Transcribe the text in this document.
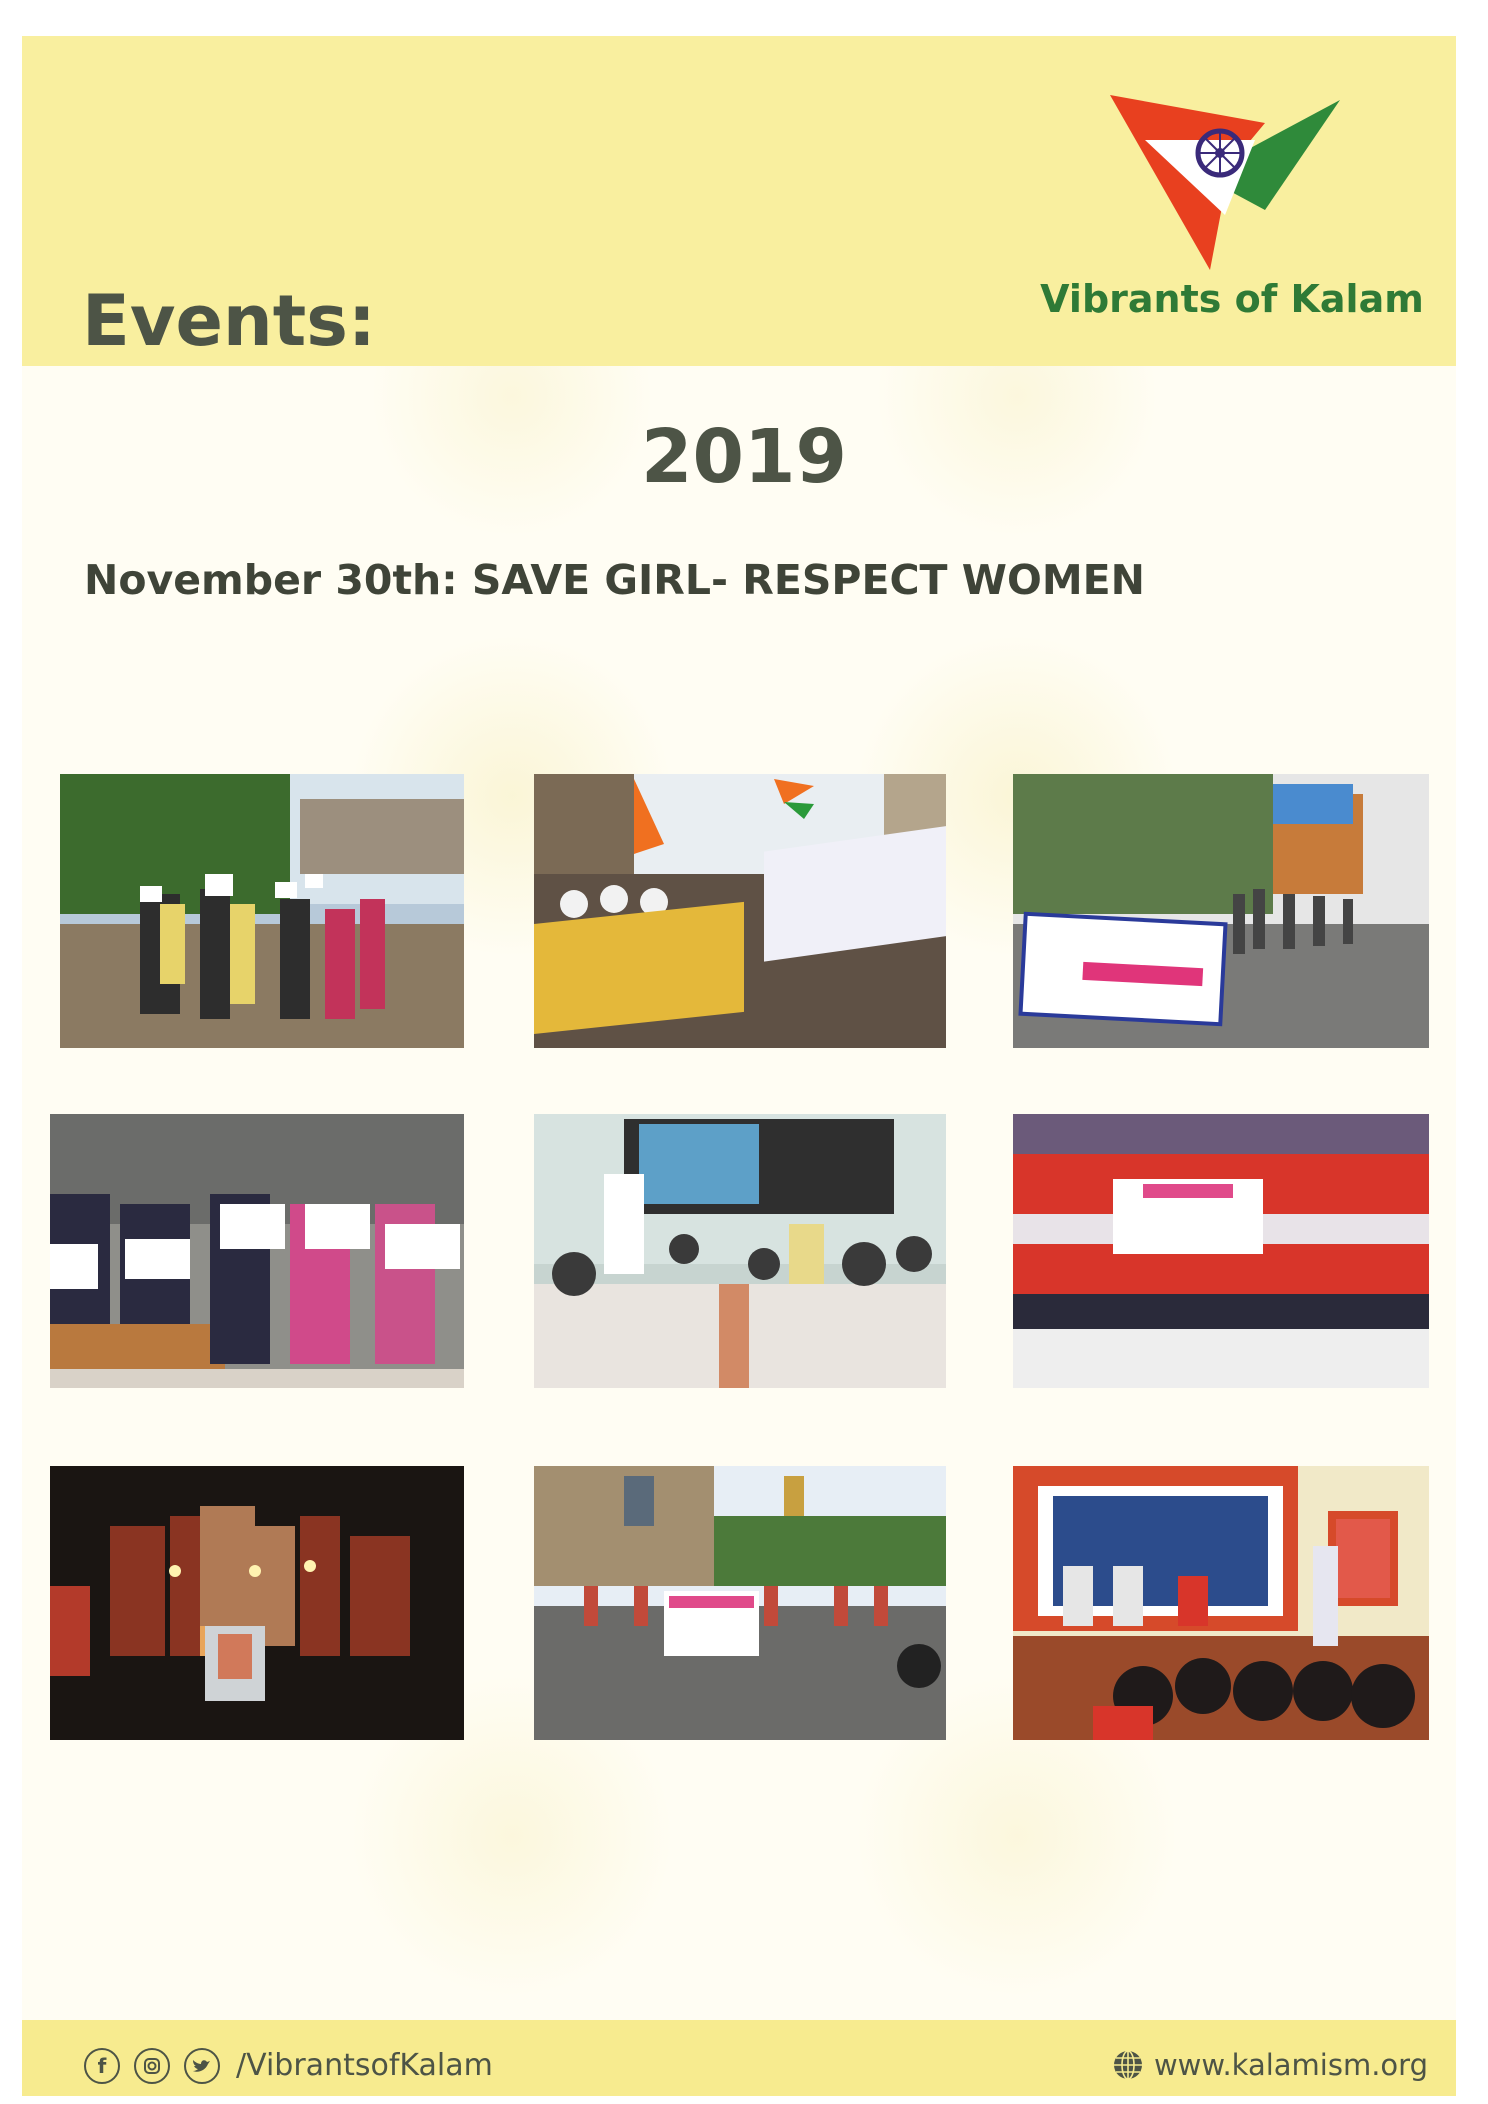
Events:	Vibrants of Kalam
2019
November 30th: SAVE GIRL- RESPECT WOMEN
f	/VibrantsofKalam	www.kalamism.org
